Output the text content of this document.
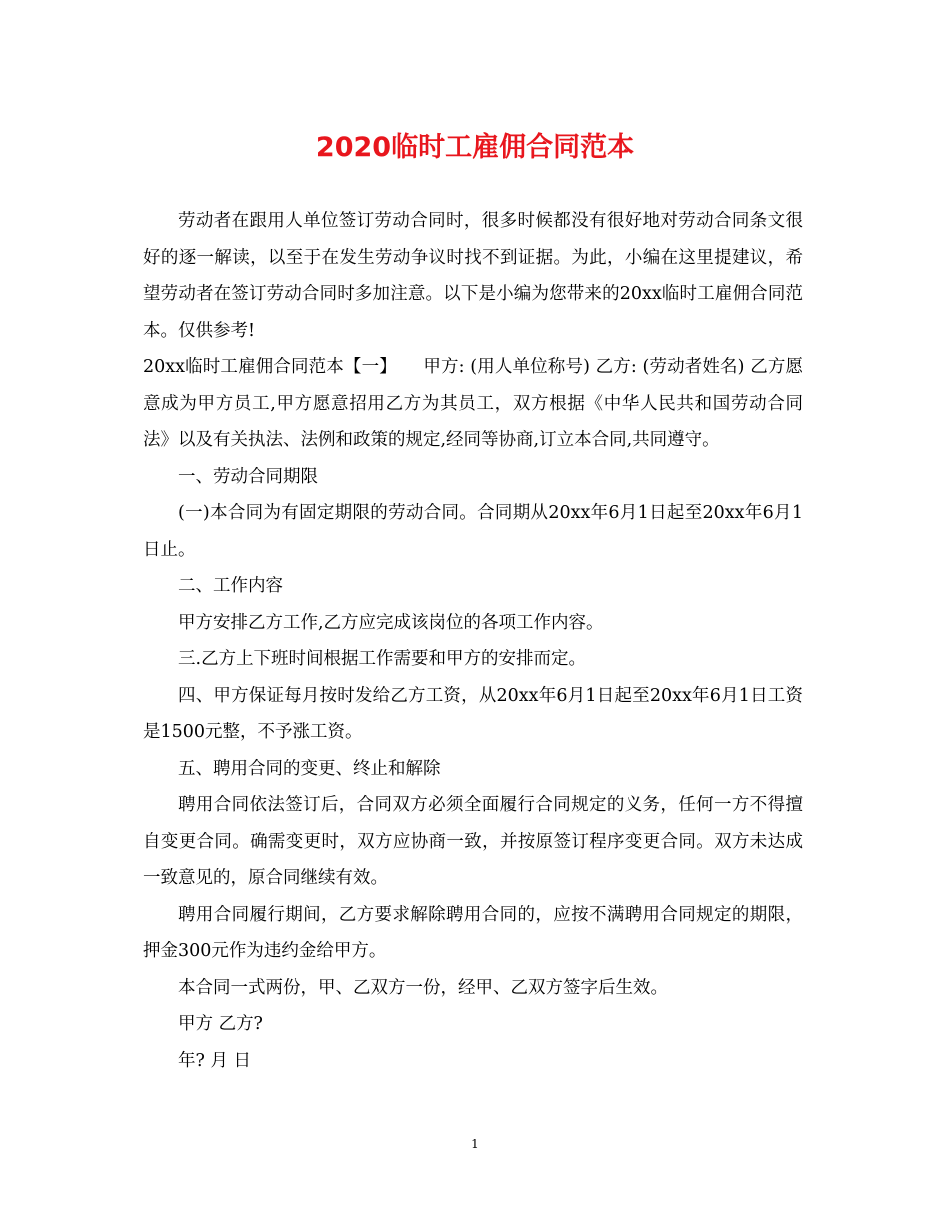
2020临时工雇佣合同范本

劳动者在跟用人单位签订劳动合同时，很多时候都没有很好地对劳动合同条文很好的逐一解读，以至于在发生劳动争议时找不到证据。为此，小编在这里提建议，希望劳动者在签订劳动合同时多加注意。以下是小编为您带来的20xx临时工雇佣合同范本。仅供参考!

20xx临时工雇佣合同范本【一】　　甲方: (用人单位称号) 乙方: (劳动者姓名) 乙方愿意成为甲方员工,甲方愿意招用乙方为其员工，双方根据《中华人民共和国劳动合同法》以及有关执法、法例和政策的规定,经同等协商,订立本合同,共同遵守。

一、劳动合同期限

(一)本合同为有固定期限的劳动合同。合同期从20xx年6月1日起至20xx年6月1日止。

二、工作内容

甲方安排乙方工作,乙方应完成该岗位的各项工作内容。

三.乙方上下班时间根据工作需要和甲方的安排而定。

四、甲方保证每月按时发给乙方工资，从20xx年6月1日起至20xx年6月1日工资是1500元整，不予涨工资。

五、聘用合同的变更、终止和解除

聘用合同依法签订后，合同双方必须全面履行合同规定的义务，任何一方不得擅自变更合同。确需变更时，双方应协商一致，并按原签订程序变更合同。双方未达成一致意见的，原合同继续有效。

聘用合同履行期间，乙方要求解除聘用合同的，应按不满聘用合同规定的期限，押金300元作为违约金给甲方。

本合同一式两份，甲、乙双方一份，经甲、乙双方签字后生效。

甲方 乙方?

年? 月 日

1
